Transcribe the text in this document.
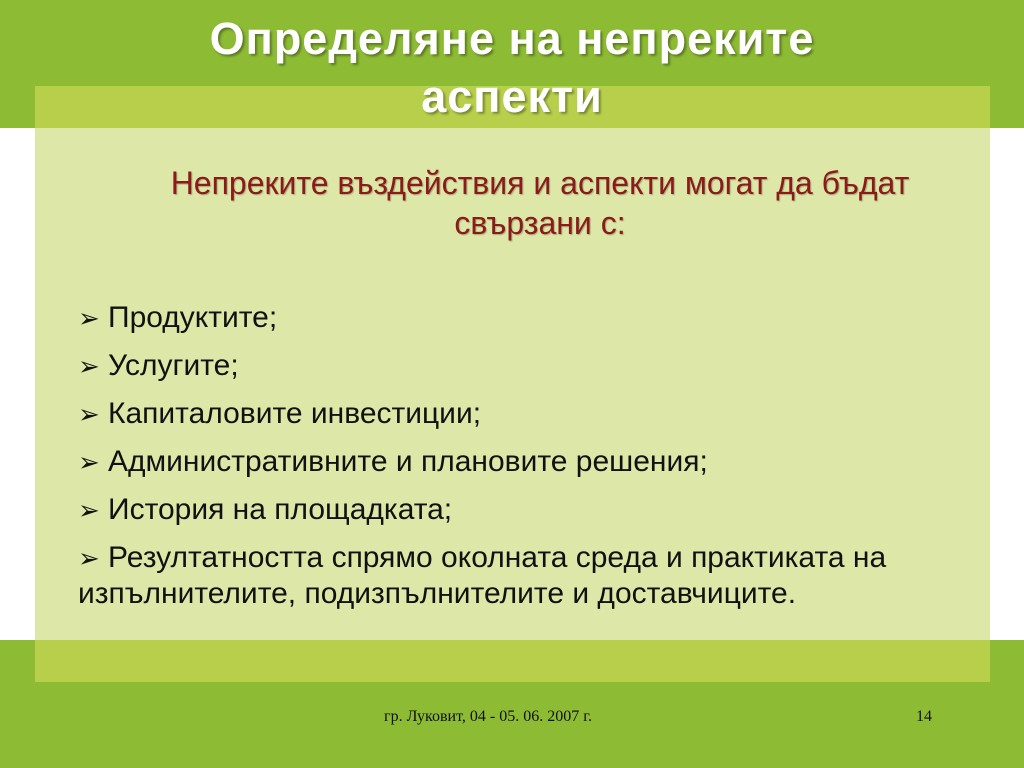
Определяне на непреките
аспекти
Непреките въздействия и аспекти могат да бъдат
свързани с:
➢ Продуктите;
➢ Услугите;
➢ Капиталовите инвестиции;
➢ Административните и плановите решения;
➢ История на площадката;
➢ Резултатността спрямо околната среда и практиката на изпълнителите, подизпълнителите и доставчиците.
гр. Луковит, 04 - 05. 06. 2007 г.	14
